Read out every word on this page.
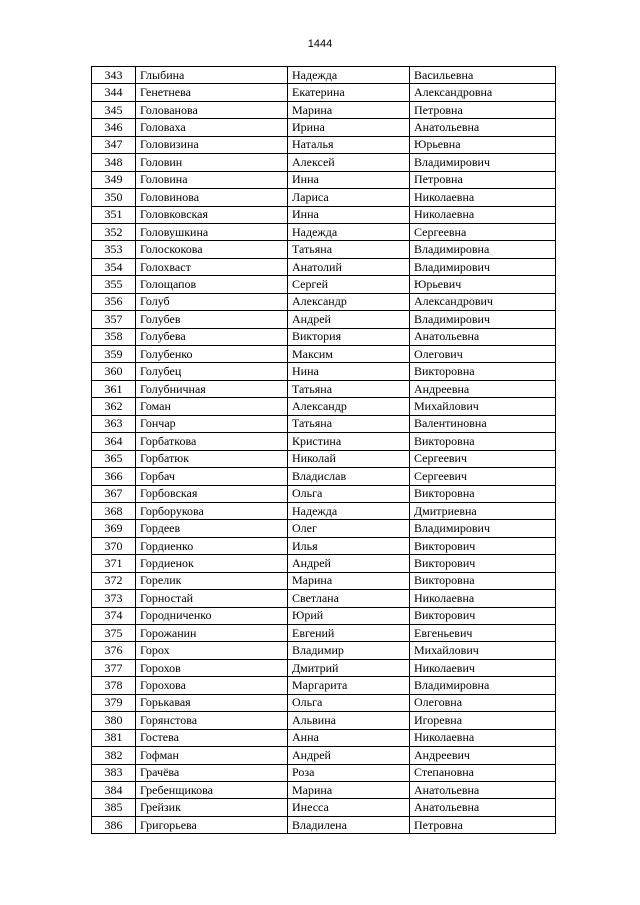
1444
343	Глыбина	Надежда	Васильевна
344	Генетнева	Екатерина	Александровна
345	Голованова	Марина	Петровна
346	Головаха	Ирина	Анатольевна
347	Головизина	Наталья	Юрьевна
348	Головин	Алексей	Владимирович
349	Головина	Инна	Петровна
350	Головинова	Лариса	Николаевна
351	Головковская	Инна	Николаевна
352	Головушкина	Надежда	Сергеевна
353	Голоскокова	Татьяна	Владимировна
354	Голохваст	Анатолий	Владимирович
355	Голощапов	Сергей	Юрьевич
356	Голуб	Александр	Александрович
357	Голубев	Андрей	Владимирович
358	Голубева	Виктория	Анатольевна
359	Голубенко	Максим	Олегович
360	Голубец	Нина	Викторовна
361	Голубничная	Татьяна	Андреевна
362	Гоман	Александр	Михайлович
363	Гончар	Татьяна	Валентиновна
364	Горбаткова	Кристина	Викторовна
365	Горбатюк	Николай	Сергеевич
366	Горбач	Владислав	Сергеевич
367	Горбовская	Ольга	Викторовна
368	Горборукова	Надежда	Дмитриевна
369	Гордеев	Олег	Владимирович
370	Гордиенко	Илья	Викторович
371	Гордиенок	Андрей	Викторович
372	Горелик	Марина	Викторовна
373	Горностай	Светлана	Николаевна
374	Городниченко	Юрий	Викторович
375	Горожанин	Евгений	Евгеньевич
376	Горох	Владимир	Михайлович
377	Горохов	Дмитрий	Николаевич
378	Горохова	Маргарита	Владимировна
379	Горькавая	Ольга	Олеговна
380	Горянстова	Альвина	Игоревна
381	Гостева	Анна	Николаевна
382	Гофман	Андрей	Андреевич
383	Грачёва	Роза	Степановна
384	Гребенщикова	Марина	Анатольевна
385	Грейзик	Инесса	Анатольевна
386	Григорьева	Владилена	Петровна
